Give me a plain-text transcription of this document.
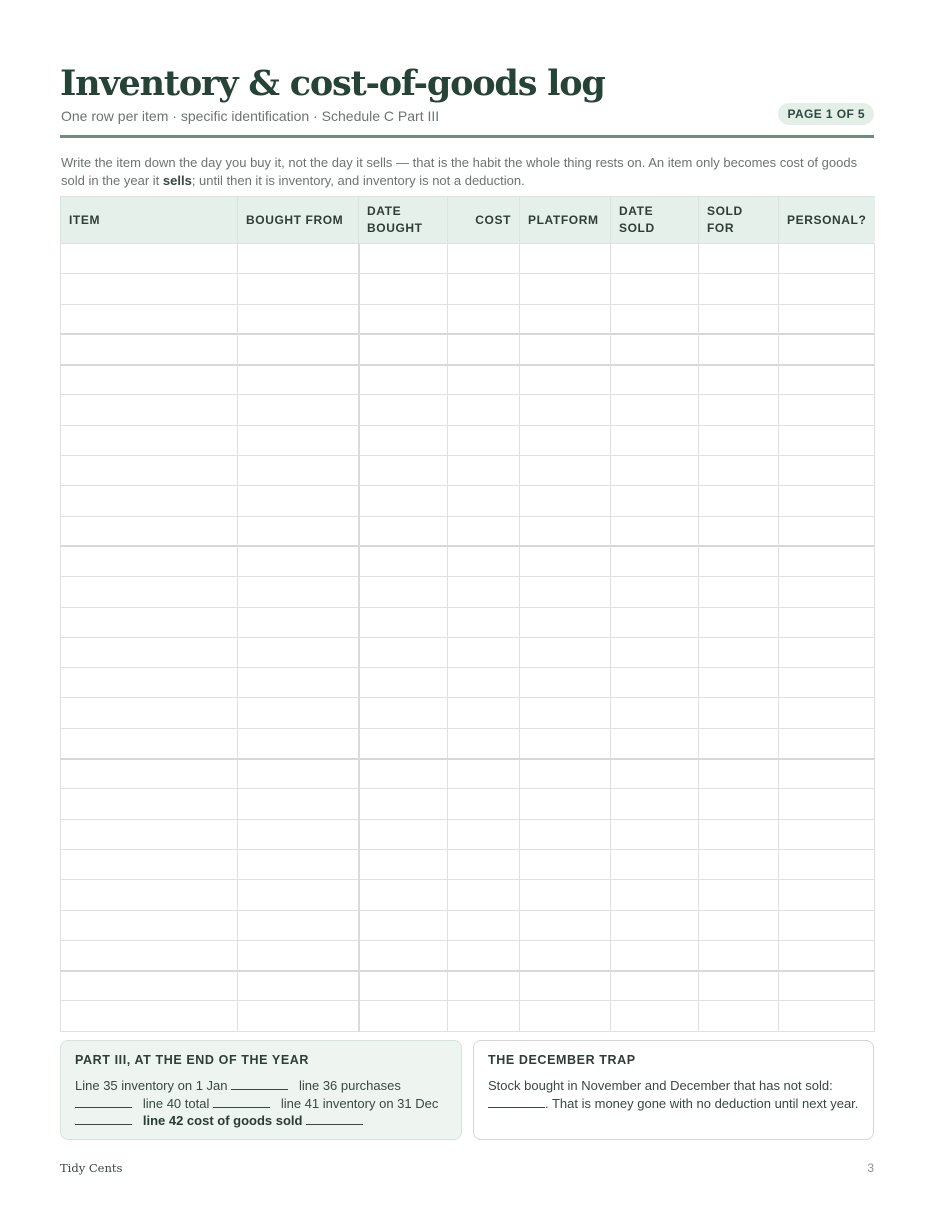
Inventory & cost-of-goods log
One row per item · specific identification · Schedule C Part III	PAGE 1 OF 5

Write the item down the day you buy it, not the day it sells — that is the habit the whole thing rests on. An item only becomes cost of goods sold in the year it sells; until then it is inventory, and inventory is not a deduction.

ITEM	BOUGHT FROM	DATE BOUGHT	COST	PLATFORM	DATE SOLD	SOLD FOR	PERSONAL?

PART III, AT THE END OF THE YEAR
Line 35 inventory on 1 Jan	line 36 purchases
line 40 total	line 41 inventory on 31 Dec    line 42 cost of goods sold
THE DECEMBER TRAP
Stock bought in November and December that has not sold: . That is money gone with no deduction until next year.
Tidy Cents	3
